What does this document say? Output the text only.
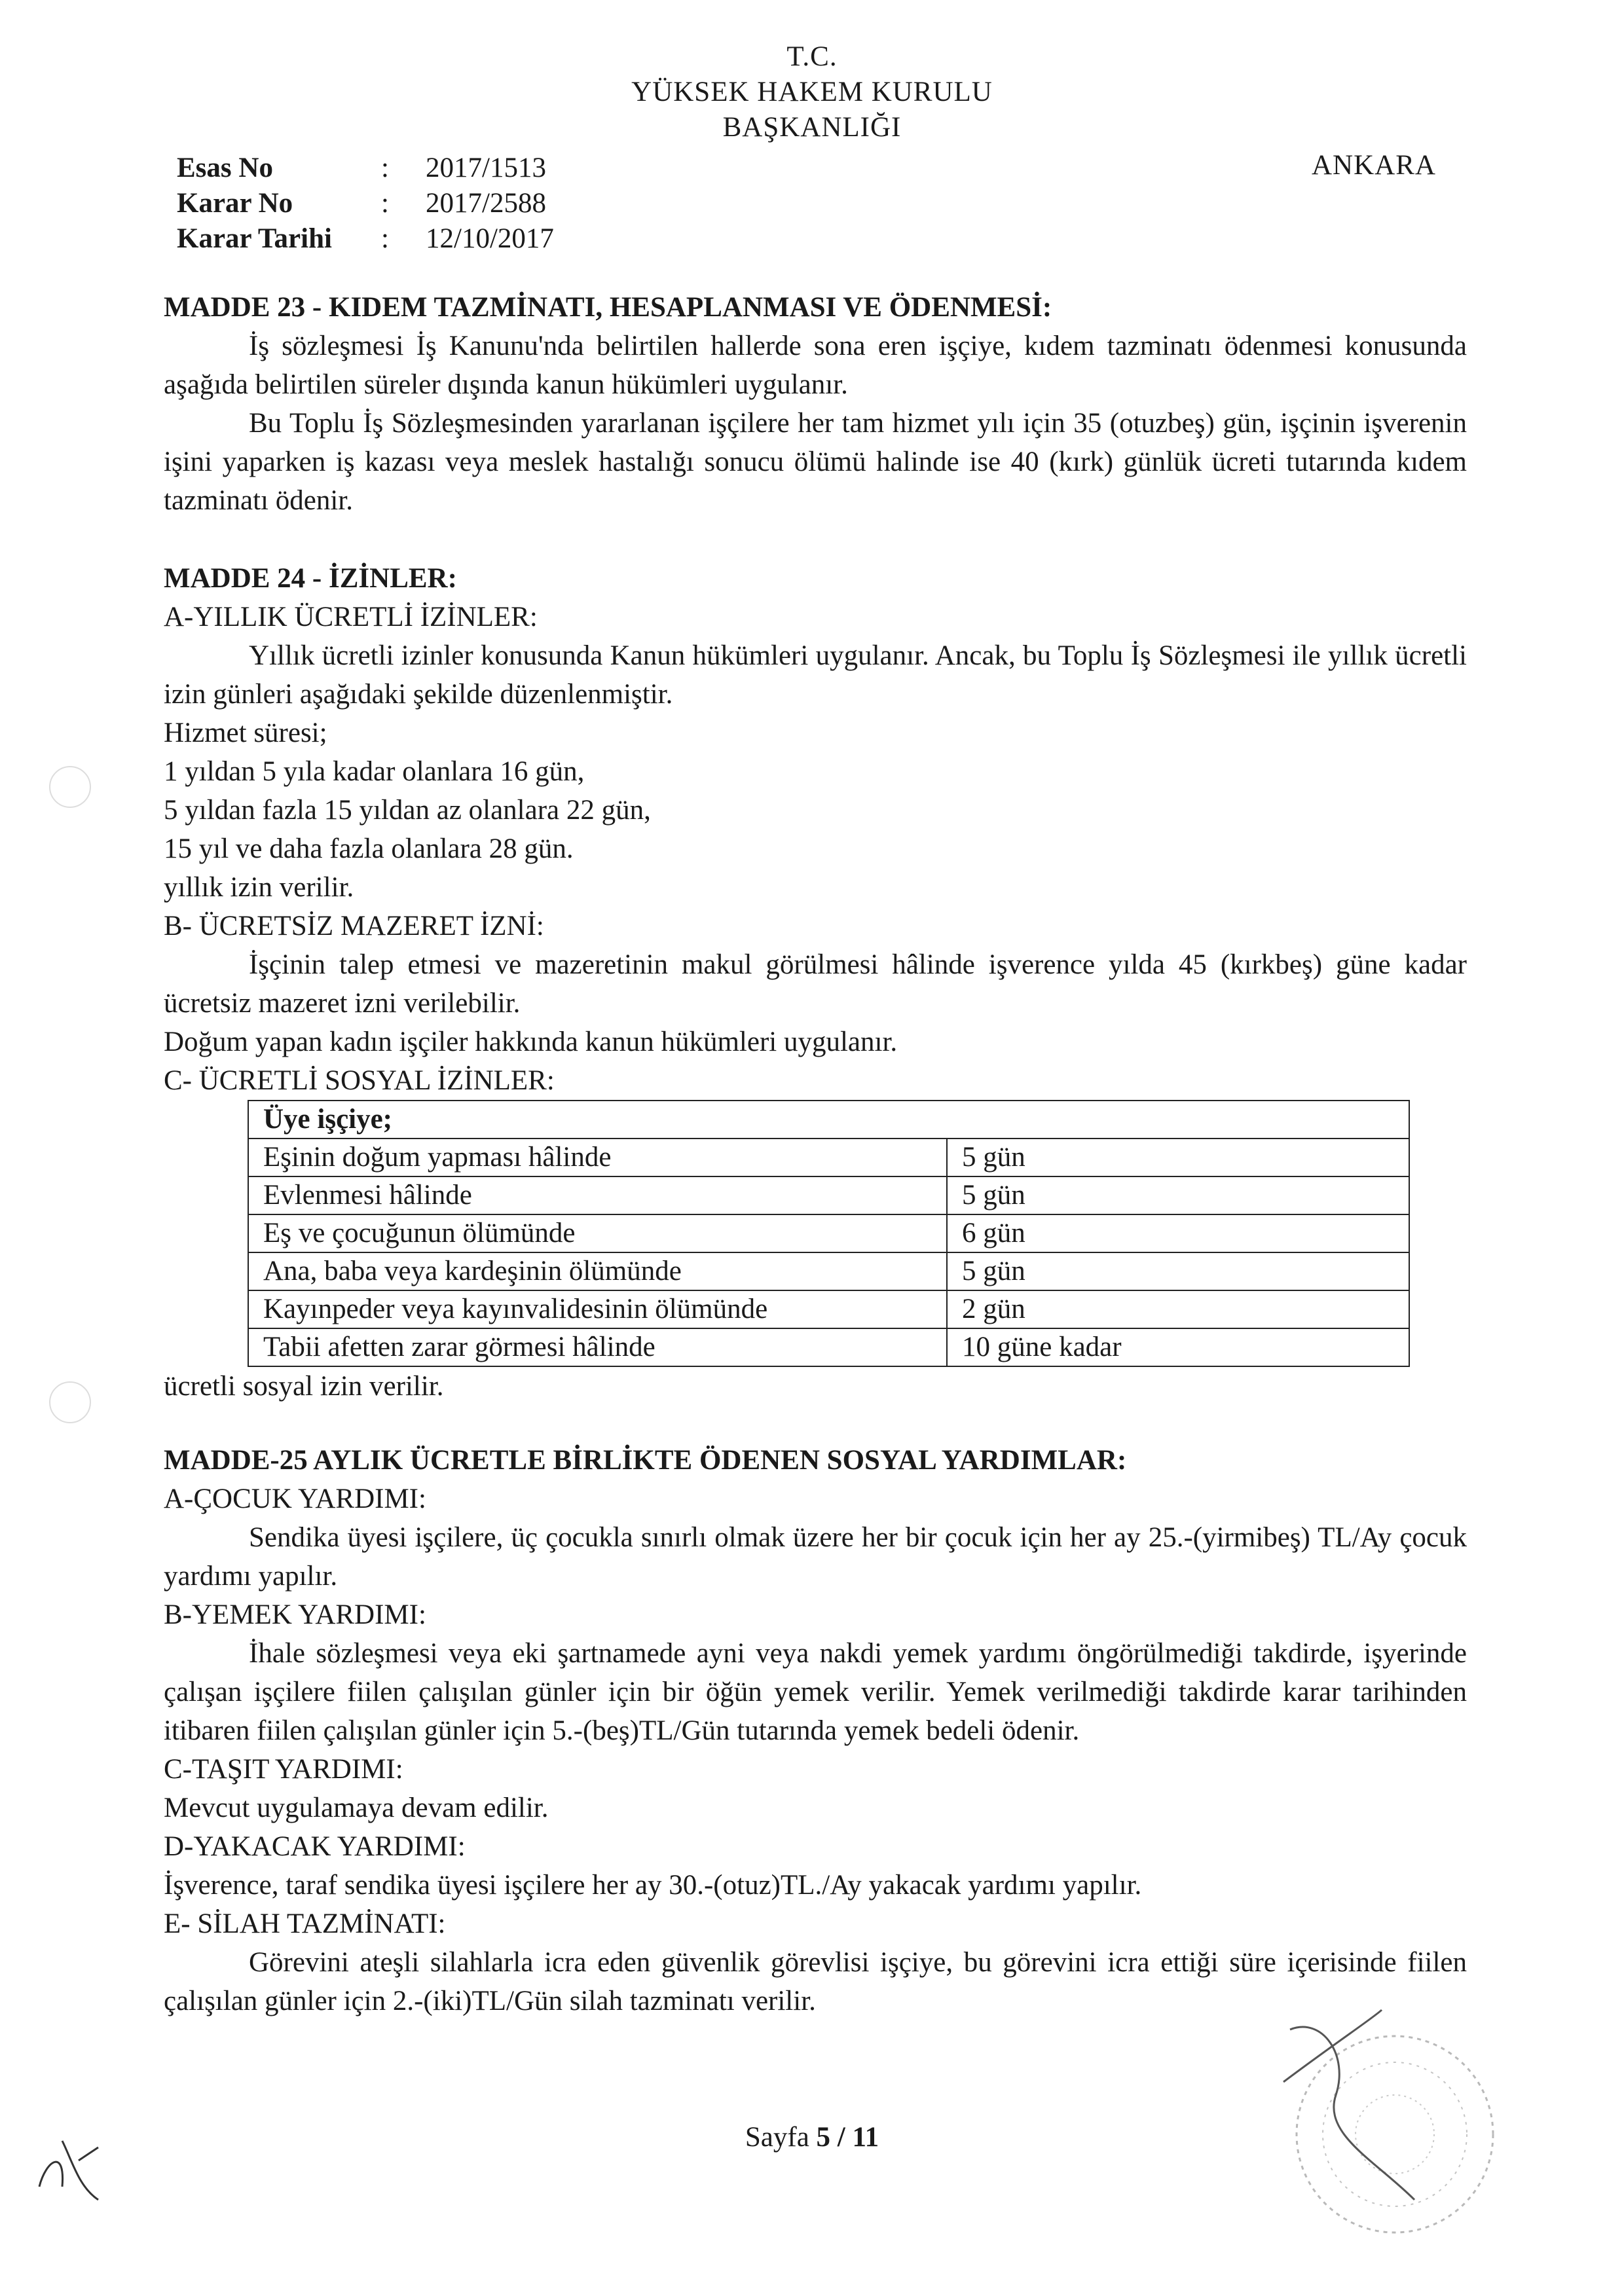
T.C.
YÜKSEK HAKEM KURULU
BAŞKANLIĞI
Esas No	: 2017/1513
Karar No	: 2017/2588
Karar Tarihi : 12/10/2017
ANKARA

MADDE 23 - KIDEM TAZMİNATI, HESAPLANMASI VE ÖDENMESİ:

İş sözleşmesi İş Kanunu'nda belirtilen hallerde sona eren işçiye, kıdem tazminatı ödenmesi konusunda aşağıda belirtilen süreler dışında kanun hükümleri uygulanır.

Bu Toplu İş Sözleşmesinden yararlanan işçilere her tam hizmet yılı için 35 (otuzbeş) gün, işçinin işverenin işini yaparken iş kazası veya meslek hastalığı sonucu ölümü halinde ise 40 (kırk) günlük ücreti tutarında kıdem tazminatı ödenir.

MADDE 24 - İZİNLER:

A-YILLIK ÜCRETLİ İZİNLER:

Yıllık ücretli izinler konusunda Kanun hükümleri uygulanır. Ancak, bu Toplu İş Sözleşmesi ile yıllık ücretli izin günleri aşağıdaki şekilde düzenlenmiştir.

Hizmet süresi;

1 yıldan 5 yıla kadar olanlara 16 gün,

5 yıldan fazla 15 yıldan az olanlara 22 gün,

15 yıl ve daha fazla olanlara 28 gün.

yıllık izin verilir.

B- ÜCRETSİZ MAZERET İZNİ:

İşçinin talep etmesi ve mazeretinin makul görülmesi hâlinde işverence yılda 45 (kırkbeş) güne kadar ücretsiz mazeret izni verilebilir.

Doğum yapan kadın işçiler hakkında kanun hükümleri uygulanır.

C- ÜCRETLİ SOSYAL İZİNLER:

Üye işçiye;	
Eşinin doğum yapması hâlinde	5 gün
Evlenmesi hâlinde	5 gün
Eş ve çocuğunun ölümünde	6 gün
Ana, baba veya kardeşinin ölümünde	5 gün
Kayınpeder veya kayınvalidesinin ölümünde	2 gün
Tabii afetten zarar görmesi hâlinde	10 güne kadar

ücretli sosyal izin verilir.

MADDE-25 AYLIK ÜCRETLE BİRLİKTE ÖDENEN SOSYAL YARDIMLAR:

A-ÇOCUK YARDIMI:

Sendika üyesi işçilere, üç çocukla sınırlı olmak üzere her bir çocuk için her ay 25.-(yirmibeş) TL/Ay çocuk yardımı yapılır.

B-YEMEK YARDIMI:

İhale sözleşmesi veya eki şartnamede ayni veya nakdi yemek yardımı öngörülmediği takdirde, işyerinde çalışan işçilere fiilen çalışılan günler için bir öğün yemek verilir. Yemek verilmediği takdirde karar tarihinden itibaren fiilen çalışılan günler için 5.-(beş)TL/Gün tutarında yemek bedeli ödenir.

C-TAŞIT YARDIMI:

Mevcut uygulamaya devam edilir.

D-YAKACAK YARDIMI:

İşverence, taraf sendika üyesi işçilere her ay 30.-(otuz)TL./Ay yakacak yardımı yapılır.

E- SİLAH TAZMİNATI:

Görevini ateşli silahlarla icra eden güvenlik görevlisi işçiye, bu görevini icra ettiği süre içerisinde fiilen çalışılan günler için 2.-(iki)TL/Gün silah tazminatı verilir.

Sayfa 5 / 11
